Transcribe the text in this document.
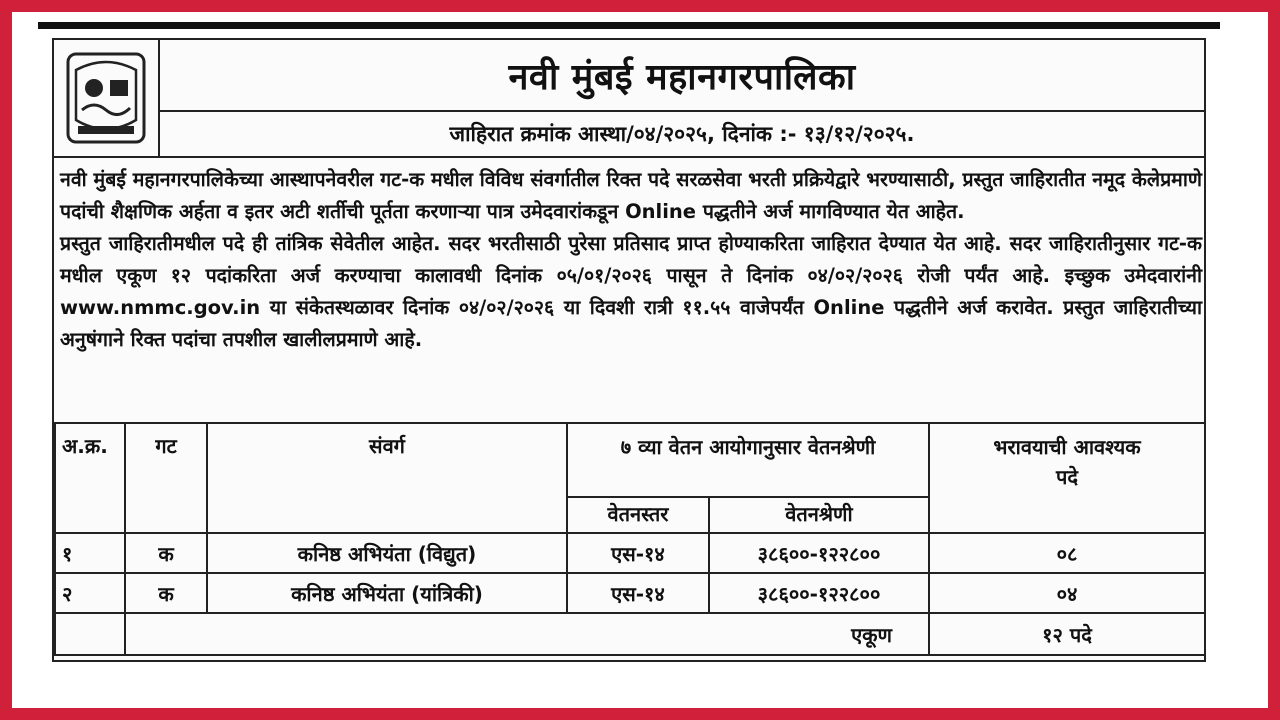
नवी मुंबई महानगरपालिका
जाहिरात क्रमांक आस्था/०४/२०२५, दिनांक :- १३/१२/२०२५.

नवी मुंबई महानगरपालिकेच्या आस्थापनेवरील गट-क मधील विविध संवर्गातील रिक्त पदे सरळसेवा भरती प्रक्रियेद्वारे भरण्यासाठी, प्रस्तुत जाहिरातीत नमूद केलेप्रमाणे पदांची शैक्षणिक अर्हता व इतर अटी शर्तीची पूर्तता करणाऱ्या पात्र उमेदवारांकडून Online पद्धतीने अर्ज मागविण्यात येत आहेत.

प्रस्तुत जाहिरातीमधील पदे ही तांत्रिक सेवेतील आहेत. सदर भरतीसाठी पुरेसा प्रतिसाद प्राप्त होण्याकरिता जाहिरात देण्यात येत आहे. सदर जाहिरातीनुसार गट-क मधील एकूण १२ पदांकरिता अर्ज करण्याचा कालावधी दिनांक ०५/०१/२०२६ पासून ते दिनांक ०४/०२/२०२६ रोजी पर्यंत आहे. इच्छुक उमेदवारांनी www.nmmc.gov.in या संकेतस्थळावर दिनांक ०४/०२/२०२६ या दिवशी रात्री ११.५५ वाजेपर्यंत Online पद्धतीने अर्ज करावेत. प्रस्तुत जाहिरातीच्या अनुषंगाने रिक्त पदांचा तपशील खालीलप्रमाणे आहे.

अ.क्र.	गट	संवर्ग	७ व्या वेतन आयोगानुसार वेतनश्रेणी		भरावयाची आवश्यक पदे
			वेतनस्तर	वेतनश्रेणी	
१	क	कनिष्ठ अभियंता (विद्युत)	एस-१४	३८६००-१२२८००	०८
२	क	कनिष्ठ अभियंता (यांत्रिकी)	एस-१४	३८६००-१२२८००	०४
	एकूण				१२ पदे
